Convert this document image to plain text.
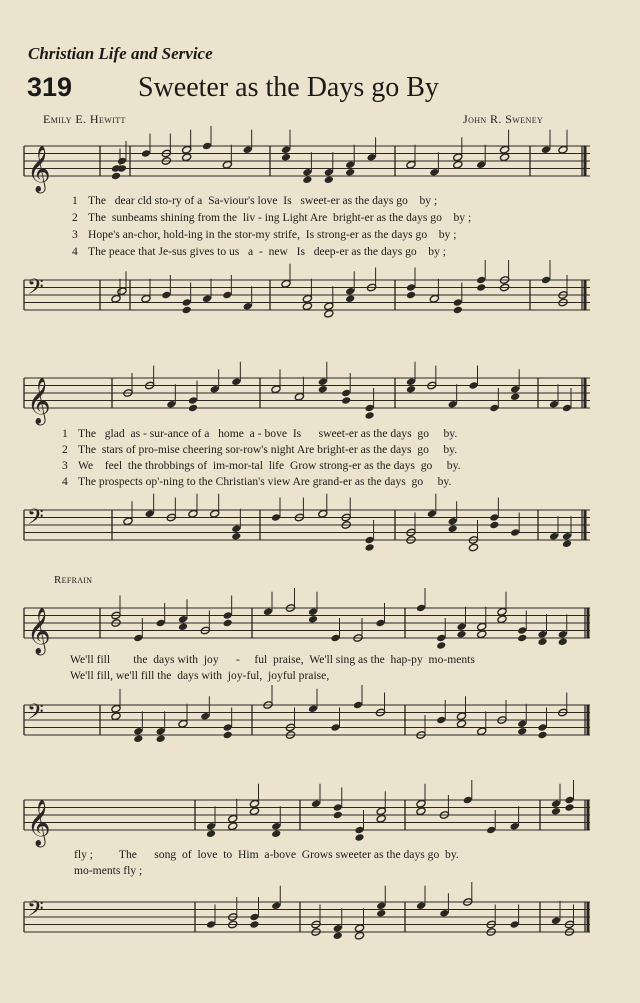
Christian Life and Service
319 Sweeter as the Days go By
Emily E. Hewitt	John R. Sweney
𝄞
1 The   dear cld sto-ry of a  Sa-viour's love  Is   sweet-er as the days go    by ;
2 The  sunbeams shining from the  liv - ing Light Are  bright-er as the days go    by ;
3 Hope's an-chor, hold-ing in the stor-my strife,  Is strong-er as the days go    by ;
4 The peace that Je-sus gives to us   a  -  new   Is   deep-er as the days go    by ;
𝄢
𝄞
1 The   glad  as - sur-ance of a   home  a - bove  Is      sweet-er as the days  go     by.
2 The  stars of pro-mise cheering sor-row's night Are bright-er as the days  go     by.
3 We    feel  the throbbings of  im-mor-tal  life  Grow strong-er as the days  go     by.
4 The prospects op'-ning to the Christian's view Are grand-er as the days  go     by.
𝄢
Refrain
𝄞
We'll fill        the  days with  joy      -     ful  praise,  We'll sing as the  hap-py  mo-ments
We'll fill, we'll fill the  days with  joy-ful,  joyful praise,
𝄢
𝄞
fly ;         The      song  of  love  to  Him  a-bove  Grows sweeter as the days go  by.
mo-ments fly ;
𝄢
